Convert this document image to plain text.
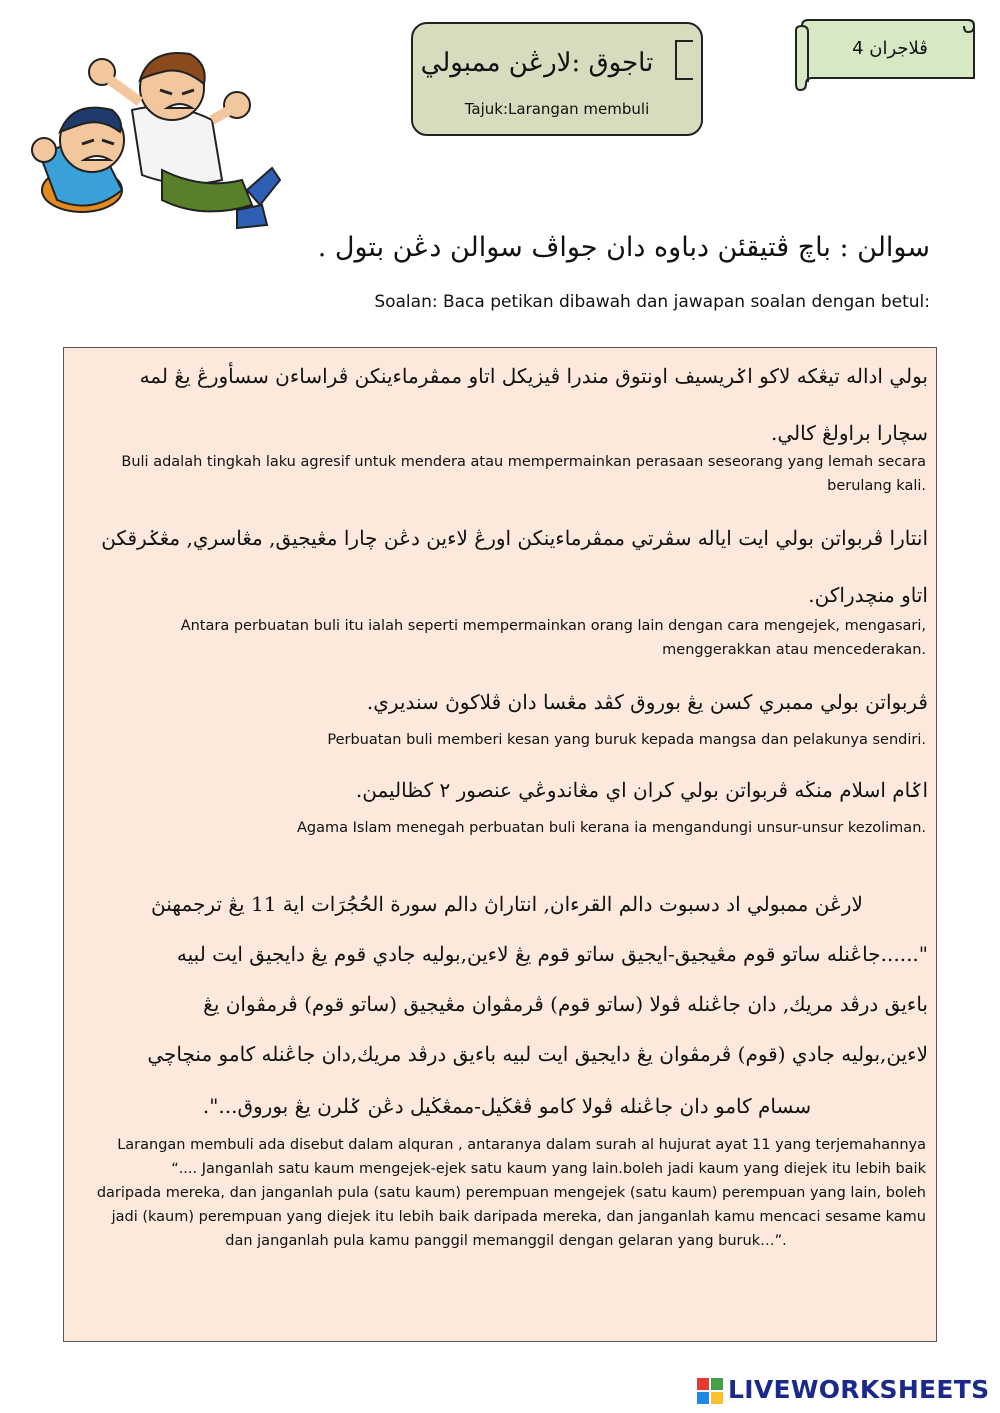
تاجوق :لارڠن ممبولي
Tajuk:Larangan membuli
ڤلاجران 4
سوالن : باچ ڤتيقئن دباوه دان جواڤ سوالن دڠن بتول .
Soalan: Baca petikan dibawah dan jawapan soalan dengan betul:
بولي اداله تيڠكه لاكو اݢريسيف اونتوق مندرا ڤيزيكل اتاو ممڤرماءينكن ڤراساءن سسأورڠ يڠ لمه سچارا براولڠ كالي.
Buli adalah tingkah laku agresif untuk mendera atau mempermainkan perasaan seseorang yang lemah secara berulang kali.
انتارا ڤربواتن بولي ايت اياله سڤرتي ممڤرماءينكن اورڠ لاءين دڠن چارا مڠيجيق, مڠاسري, مڠݢرقكن اتاو منچدراكن.
Antara perbuatan buli itu ialah seperti mempermainkan orang lain dengan cara mengejek, mengasari, menggerakkan atau mencederakan.
ڤربواتن بولي ممبري كسن يڠ بوروق كڤد مڠسا دان ڤلاكوڽ سنديري.
Perbuatan buli memberi kesan yang buruk kepada mangsa dan pelakunya sendiri.
اݢام اسلام منڬه ڤربواتن بولي كران اي مڠاندوڠي عنصور ٢ كظاليمن.
Agama Islam menegah perbuatan buli kerana ia mengandungi unsur-unsur kezoliman.
لارڠن ممبولي اد دسبوت دالم القرءان, انتاراڽ دالم سورة الحُجُرَات اية 11 يڠ ترجمهنڽ
"......جاڠنله ساتو قوم مڠيجيق-ايجيق ساتو قوم يڠ لاءين,بوليه جادي قوم يڠ دايجيق ايت لبيه
باءيق درڤد مريك, دان جاڠنله ڤولا (ساتو قوم) ڤرمڤوان مڠيجيق (ساتو قوم) ڤرمڤوان يڠ
لاءين,بوليه جادي (قوم) ڤرمڤوان يڠ دايجيق ايت لبيه باءيق درڤد مريك,دان جاڠنله كامو منچاچي
سسام كامو دان جاڠنله ڤولا كامو ڤڠڬيل-ممڠڬيل دڠن ݢلرن يڠ بوروق...".
Larangan membuli ada disebut dalam alquran , antaranya dalam surah al hujurat ayat 11 yang terjemahannya
“.... Janganlah satu kaum mengejek-ejek satu kaum yang lain.boleh jadi kaum yang diejek itu lebih baik
daripada mereka, dan janganlah pula (satu kaum) perempuan mengejek (satu kaum) perempuan yang lain, boleh
jadi (kaum) perempuan yang diejek itu lebih baik daripada mereka, dan janganlah kamu mencaci sesame kamu
dan janganlah pula kamu panggil memanggil dengan gelaran yang buruk…”.
LIVEWORKSHEETS
